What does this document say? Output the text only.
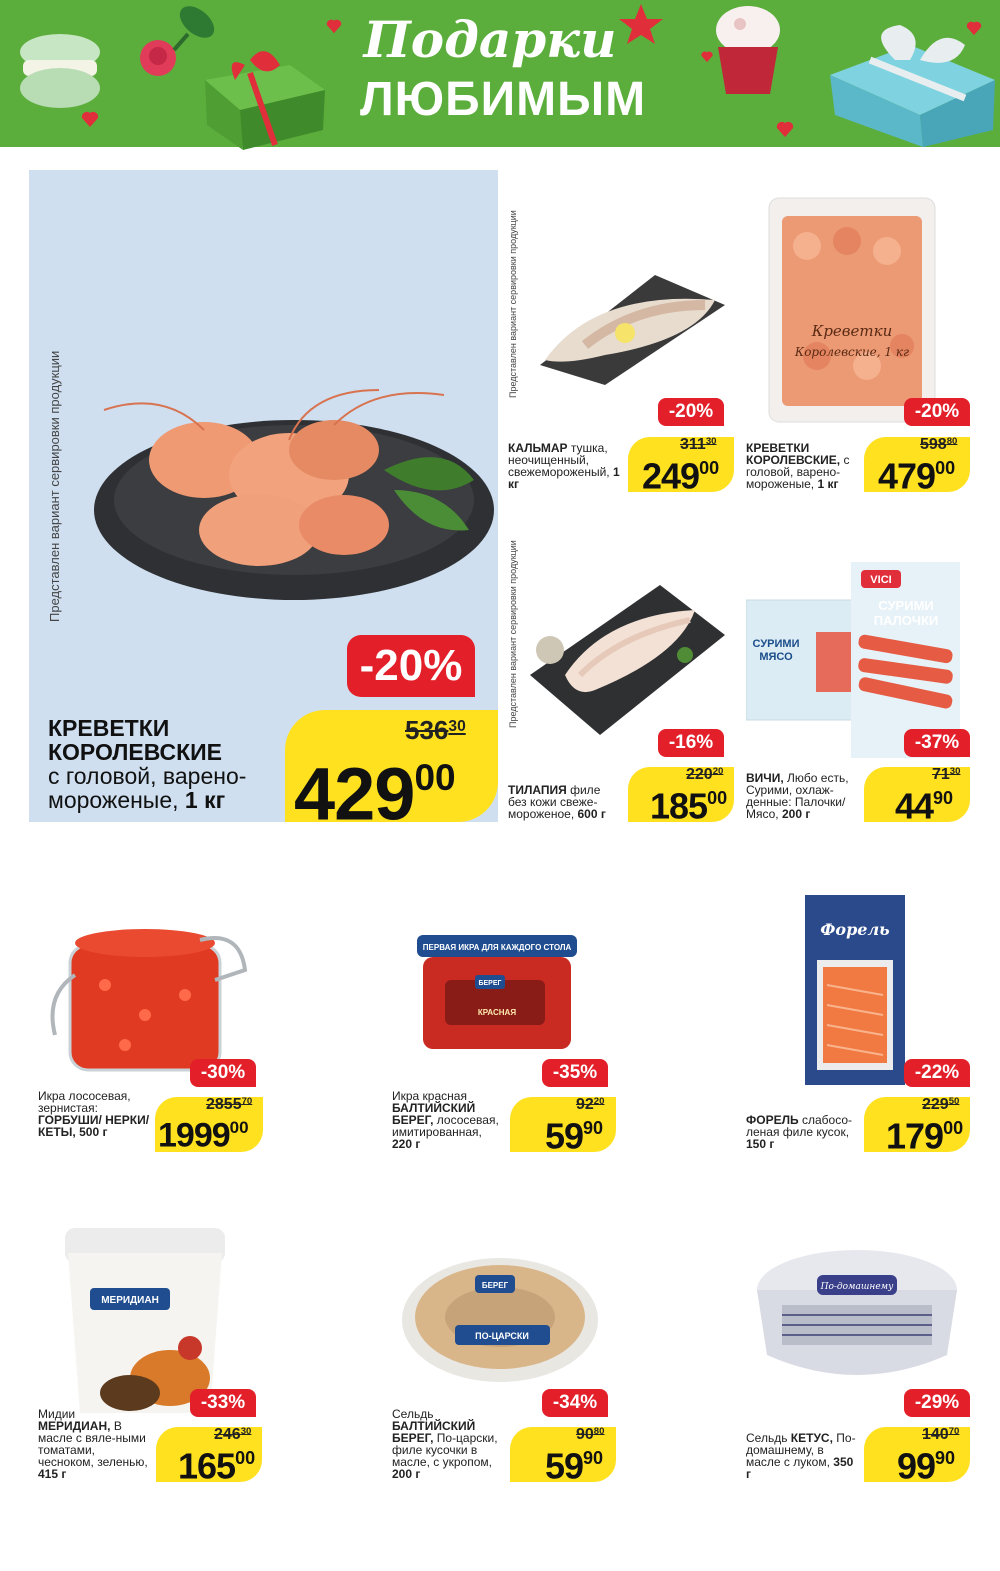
Подарки
ЛЮБИМЫМ
Представлен вариант сервировки продукции
-20%
$536^{30}$
$429^{00}$
КРЕВЕТКИ КОРОЛЕВСКИЕ
с головой, варено-мороженые, 1 кг
Представлен вариант сервировки продукции
-20%
$311^{30}$
$249^{00}$
КАЛЬМАР тушка, неочищенный, свежемороженый, 1 кг
Креветки
Королевские, 1 кг
-20%
$598^{80}$
$479^{00}$
КРЕВЕТКИ КОРОЛЕВСКИЕ, с головой, варено-мороженые, 1 кг
Представлен вариант сервировки продукции
-16%
$220^{20}$
$185^{00}$
ТИЛАПИЯ филе без кожи свеже-мороженое, 600 г
СУРИМИ
МЯСО
VICI
СУРИМИ
ПАЛОЧКИ
-37%
$71^{30}$
$44^{90}$
ВИЧИ, Любо есть, Сурими, охлаж-денные: Палочки/ Мясо, 200 г
-30%
2855$^{70}$
1999$^{00}$
Икра лососевая, зернистая: ГОРБУШИ/ НЕРКИ/ КЕТЫ, 500 г
ПЕРВАЯ ИКРА ДЛЯ КАЖДОГО СТОЛА
БЕРЕГ
КРАСНАЯ
-35%
$92^{20}$
$59^{90}$
Икра красная БАЛТИЙСКИЙ БЕРЕГ, лососевая, имитированная, 220 г
Форель
-22%
$229^{50}$
$179^{00}$
ФОРЕЛЬ слабосо-леная филе кусок, 150 г
МЕРИДИАН
-33%
$246^{30}$
$165^{00}$
Мидии МЕРИДИАН, В масле с вяле-ными томатами, чесноком, зеленью, 415 г
БЕРЕГ
ПО-ЦАРСКИ
-34%
$90^{80}$
$59^{90}$
Сельдь БАЛТИЙСКИЙ БЕРЕГ, По-царски, филе кусочки в масле, с укропом, 200 г
По-домашнему
-29%
$140^{70}$
$99^{90}$
Сельдь КЕТУС, По-домашнему, в масле с луком, 350 г
